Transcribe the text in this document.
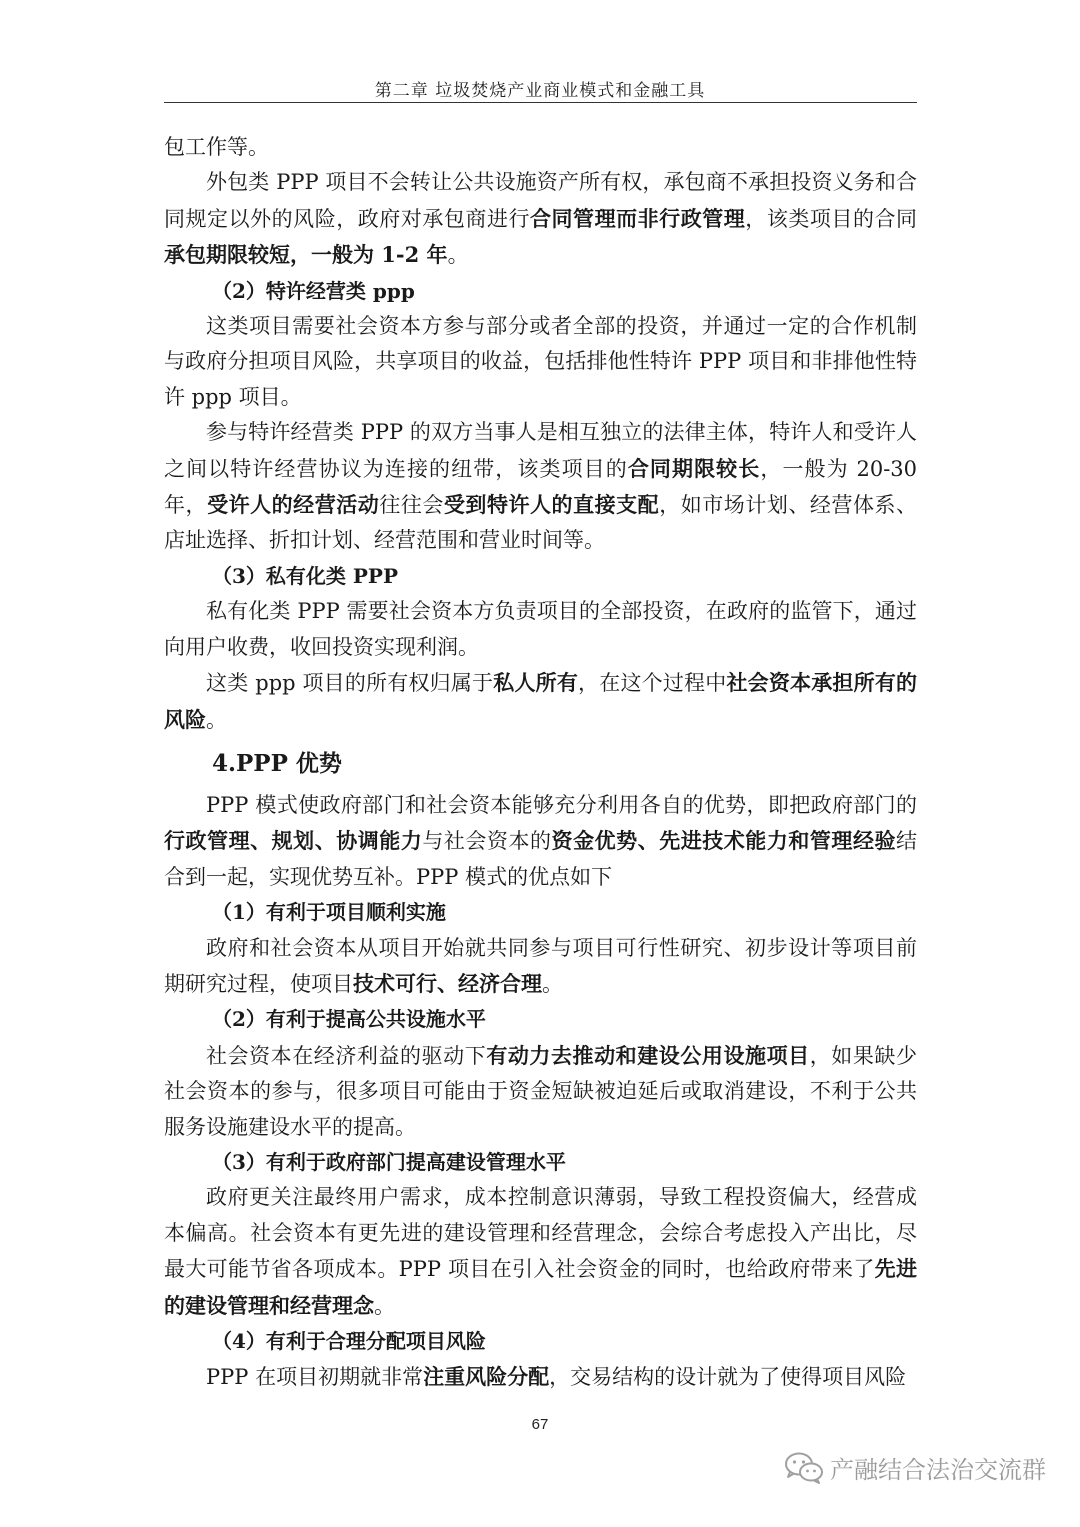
第二章 垃圾焚烧产业商业模式和金融工具

包工作等。

外包类 PPP 项目不会转让公共设施资产所有权，承包商不承担投资义务和合同规定以外的风险，政府对承包商进行合同管理而非行政管理，该类项目的合同承包期限较短，一般为 1-2 年。

（2）特许经营类 ppp

这类项目需要社会资本方参与部分或者全部的投资，并通过一定的合作机制与政府分担项目风险，共享项目的收益，包括排他性特许 PPP 项目和非排他性特许 ppp 项目。

参与特许经营类 PPP 的双方当事人是相互独立的法律主体，特许人和受许人之间以特许经营协议为连接的纽带，该类项目的合同期限较长，一般为 20-30 年，受许人的经营活动往往会受到特许人的直接支配，如市场计划、经营体系、店址选择、折扣计划、经营范围和营业时间等。

（3）私有化类 PPP

私有化类 PPP 需要社会资本方负责项目的全部投资，在政府的监管下，通过向用户收费，收回投资实现利润。

这类 ppp 项目的所有权归属于私人所有，在这个过程中社会资本承担所有的风险。

4.PPP 优势

PPP 模式使政府部门和社会资本能够充分利用各自的优势，即把政府部门的行政管理、规划、协调能力与社会资本的资金优势、先进技术能力和管理经验结合到一起，实现优势互补。PPP 模式的优点如下

（1）有利于项目顺利实施

政府和社会资本从项目开始就共同参与项目可行性研究、初步设计等项目前期研究过程，使项目技术可行、经济合理。

（2）有利于提高公共设施水平

社会资本在经济利益的驱动下有动力去推动和建设公用设施项目，如果缺少社会资本的参与，很多项目可能由于资金短缺被迫延后或取消建设，不利于公共服务设施建设水平的提高。

（3）有利于政府部门提高建设管理水平

政府更关注最终用户需求，成本控制意识薄弱，导致工程投资偏大，经营成本偏高。社会资本有更先进的建设管理和经营理念，会综合考虑投入产出比，尽最大可能节省各项成本。PPP 项目在引入社会资金的同时，也给政府带来了先进的建设管理和经营理念。

（4）有利于合理分配项目风险

PPP 在项目初期就非常注重风险分配，交易结构的设计就为了使得项目风险

67
产融结合法治交流群
